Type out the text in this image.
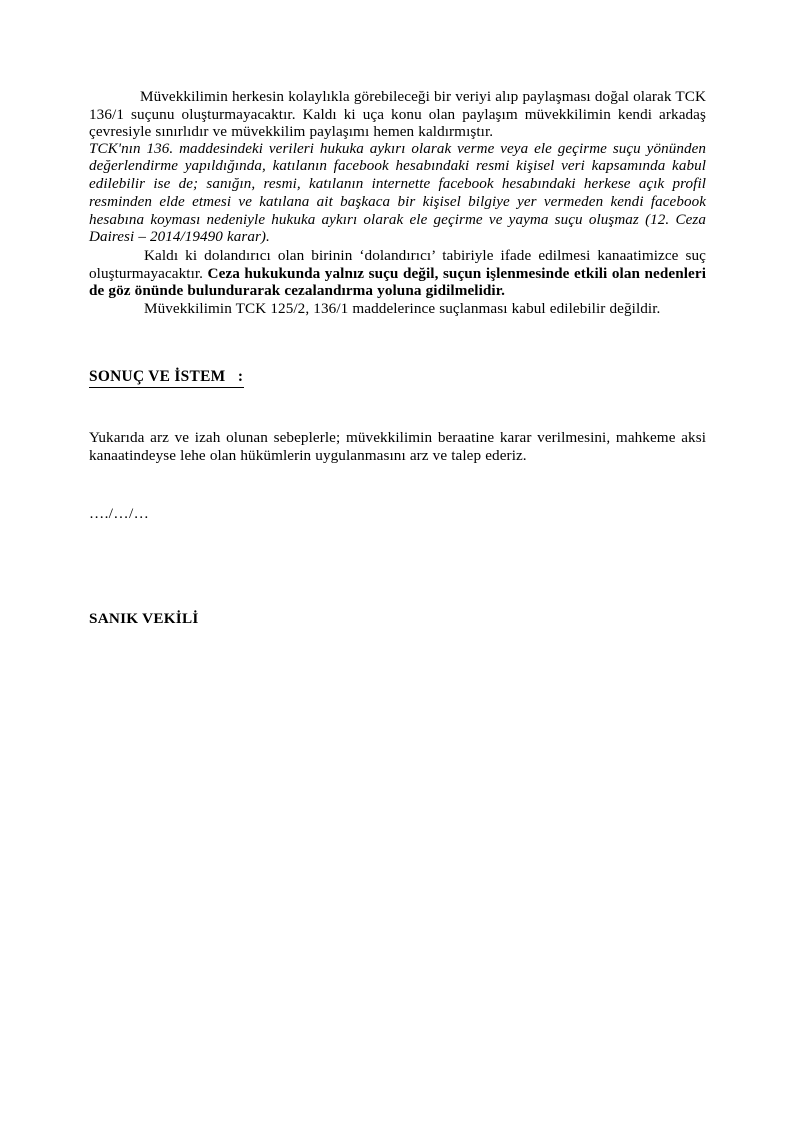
Müvekkilimin herkesin kolaylıkla görebileceği bir veriyi alıp paylaşması doğal olarak TCK 136/1 suçunu oluşturmayacaktır. Kaldı ki uça konu olan paylaşım müvekkilimin kendi arkadaş çevresiyle sınırlıdır ve müvekkilim paylaşımı hemen kaldırmıştır.

TCK'nın 136. maddesindeki verileri hukuka aykırı olarak verme veya ele geçirme suçu yönünden değerlendirme yapıldığında, katılanın facebook hesabındaki resmi kişisel veri kapsamında kabul edilebilir ise de; sanığın, resmi, katılanın internette facebook hesabındaki herkese açık profil resminden elde etmesi ve katılana ait başkaca bir kişisel bilgiye yer vermeden kendi facebook hesabına koyması nedeniyle hukuka aykırı olarak ele geçirme ve yayma suçu oluşmaz (12. Ceza Dairesi – 2014/19490 karar).

Kaldı ki dolandırıcı olan birinin ‘dolandırıcı’ tabiriyle ifade edilmesi kanaatimizce suç oluşturmayacaktır. Ceza hukukunda yalnız suçu değil, suçun işlenmesinde etkili olan nedenleri de göz önünde bulundurarak cezalandırma yoluna gidilmelidir.

Müvekkilimin TCK 125/2, 136/1 maddelerince suçlanması kabul edilebilir değildir.

SONUÇ VE İSTEM   :

Yukarıda arz ve izah olunan sebeplerle; müvekkilimin beraatine karar verilmesini, mahkeme aksi kanaatindeyse lehe olan hükümlerin uygulanmasını arz ve talep ederiz.

…./…/…

SANIK VEKİLİ
